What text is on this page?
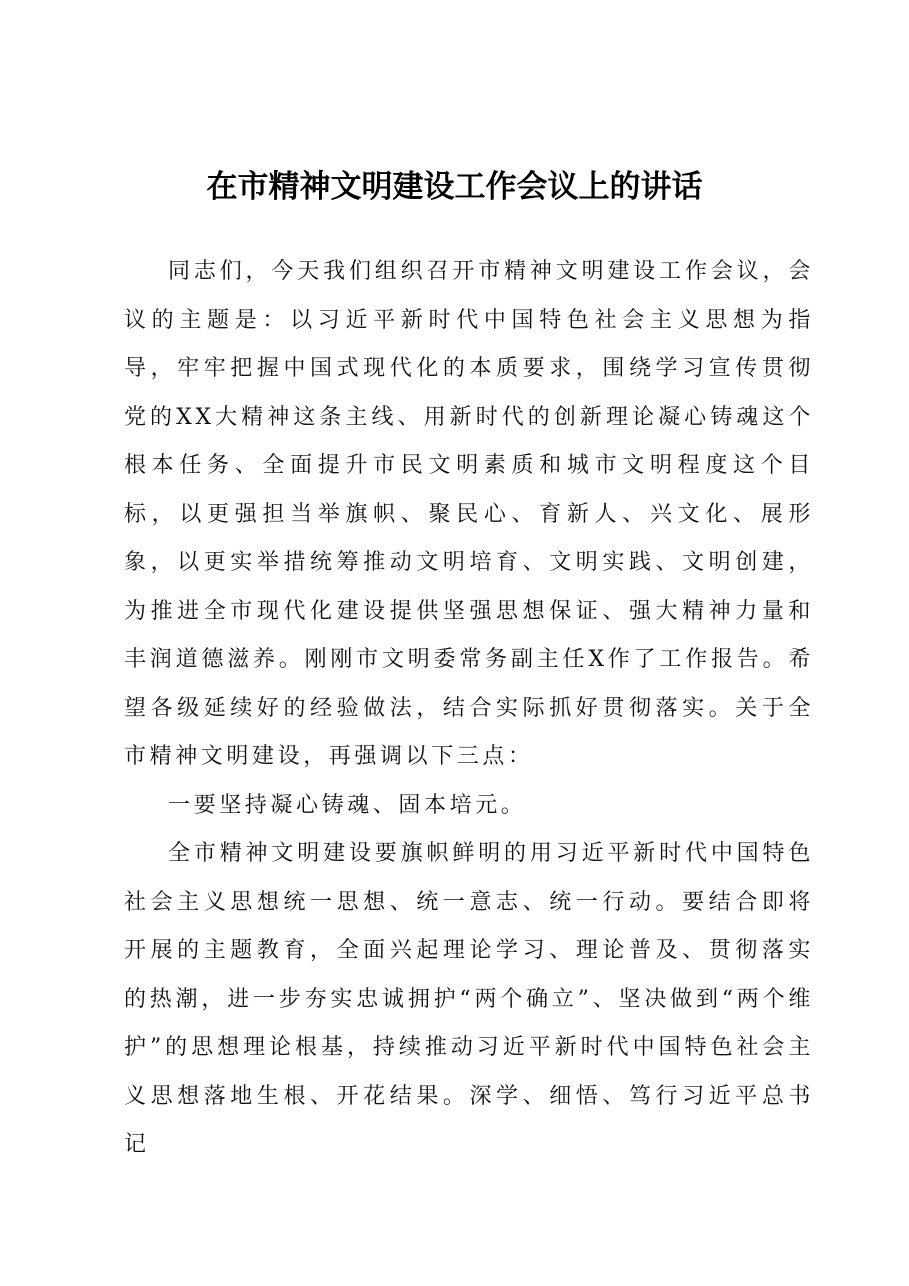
在市精神文明建设工作会议上的讲话

同志们，今天我们组织召开市精神文明建设工作会议，会议的主题是：以习近平新时代中国特色社会主义思想为指导，牢牢把握中国式现代化的本质要求，围绕学习宣传贯彻党的XX大精神这条主线、用新时代的创新理论凝心铸魂这个根本任务、全面提升市民文明素质和城市文明程度这个目标，以更强担当举旗帜、聚民心、育新人、兴文化、展形象，以更实举措统筹推动文明培育、文明实践、文明创建，为推进全市现代化建设提供坚强思想保证、强大精神力量和丰润道德滋养。刚刚市文明委常务副主任X作了工作报告。希望各级延续好的经验做法，结合实际抓好贯彻落实。关于全市精神文明建设，再强调以下三点：

一要坚持凝心铸魂、固本培元。

全市精神文明建设要旗帜鲜明的用习近平新时代中国特色社会主义思想统一思想、统一意志、统一行动。要结合即将开展的主题教育，全面兴起理论学习、理论普及、贯彻落实的热潮，进一步夯实忠诚拥护“两个确立”、坚决做到“两个维护”的思想理论根基，持续推动习近平新时代中国特色社会主义思想落地生根、开花结果。深学、细悟、笃行习近平总书记
